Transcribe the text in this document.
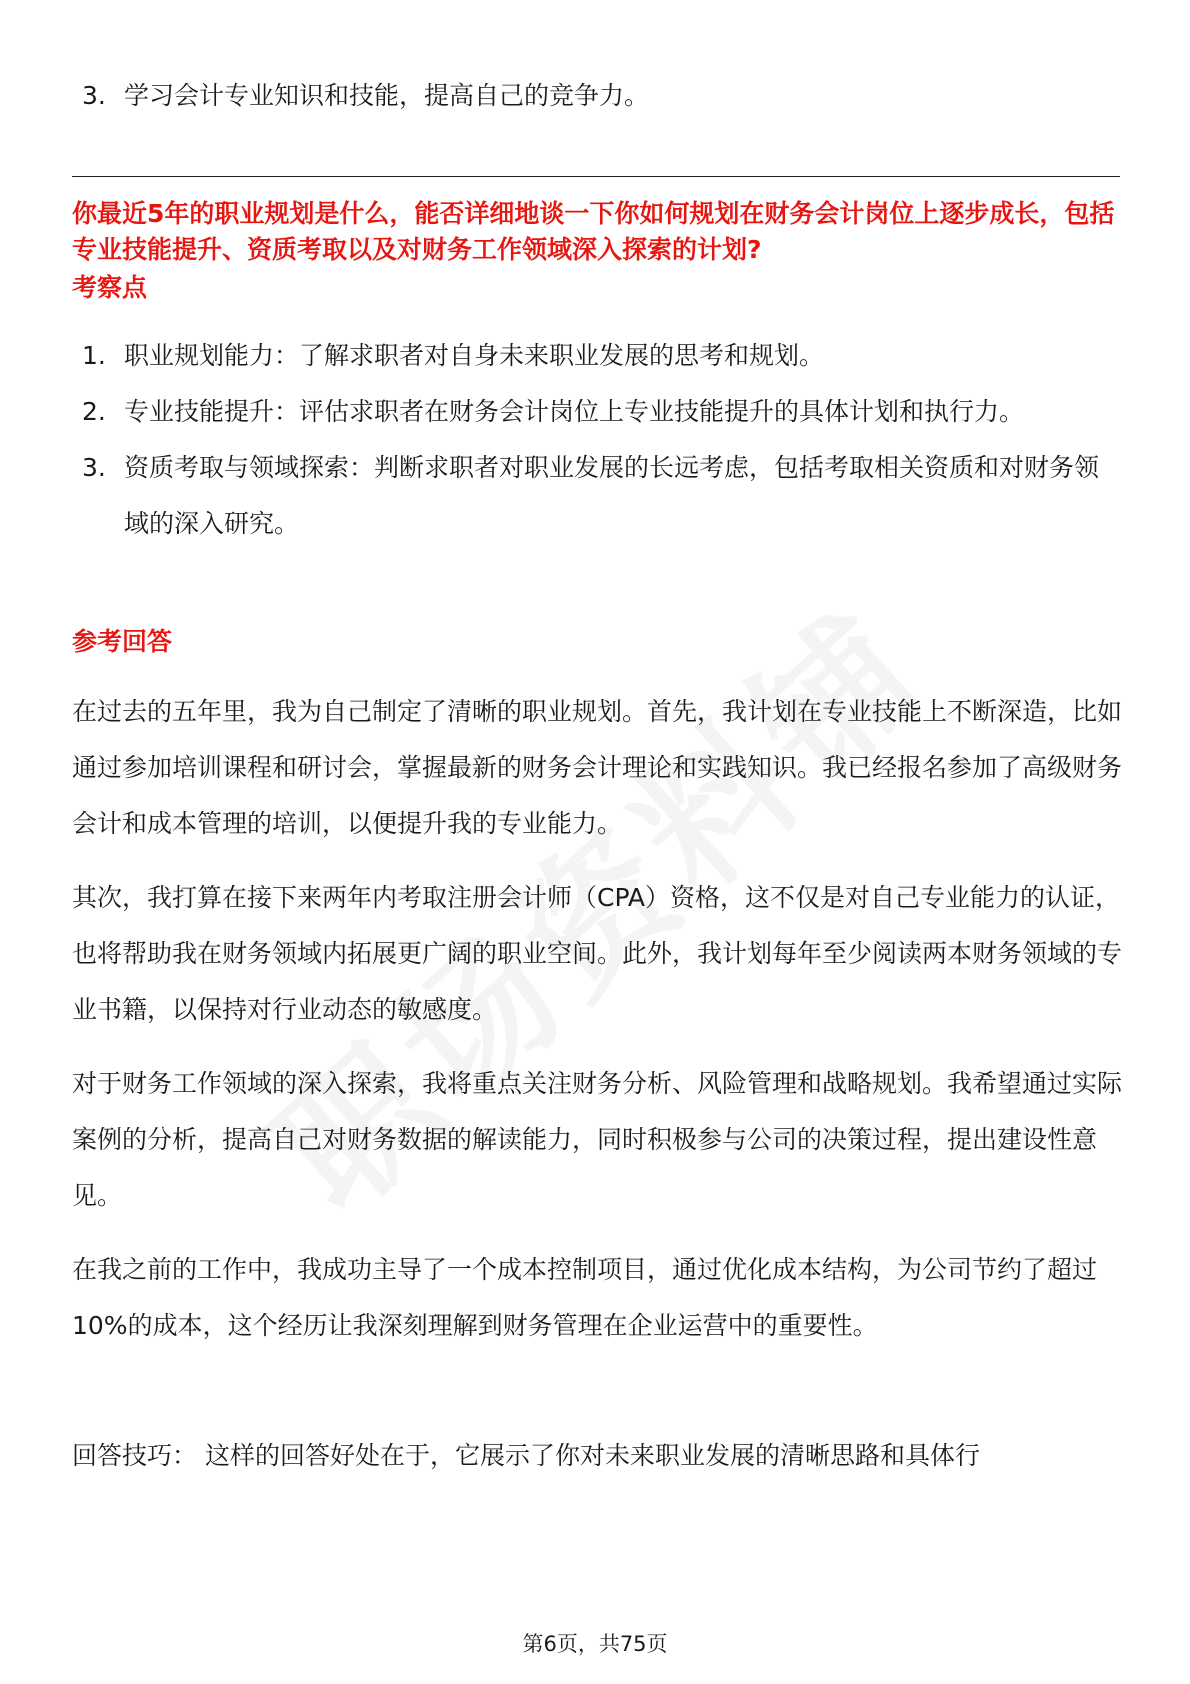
3. 学习会计专业知识和技能，提高自己的竞争力。
你最近5年的职业规划是什么，能否详细地谈一下你如何规划在财务会计岗位上逐步成长，包括专业技能提升、资质考取以及对财务工作领域深入探索的计划?
考察点
1. 职业规划能力：了解求职者对自身未来职业发展的思考和规划。
2. 专业技能提升：评估求职者在财务会计岗位上专业技能提升的具体计划和执行力。
3. 资质考取与领域探索：判断求职者对职业发展的长远考虑，包括考取相关资质和对财务领域的深入研究。
参考回答
在过去的五年里，我为自己制定了清晰的职业规划。首先，我计划在专业技能上不断深造，比如通过参加培训课程和研讨会，掌握最新的财务会计理论和实践知识。我已经报名参加了高级财务会计和成本管理的培训，以便提升我的专业能力。
其次，我打算在接下来两年内考取注册会计师（CPA）资格，这不仅是对自己专业能力的认证，也将帮助我在财务领域内拓展更广阔的职业空间。此外，我计划每年至少阅读两本财务领域的专业书籍，以保持对行业动态的敏感度。
对于财务工作领域的深入探索，我将重点关注财务分析、风险管理和战略规划。我希望通过实际案例的分析，提高自己对财务数据的解读能力，同时积极参与公司的决策过程，提出建设性意见。
在我之前的工作中，我成功主导了一个成本控制项目，通过优化成本结构，为公司节约了超过10%的成本，这个经历让我深刻理解到财务管理在企业运营中的重要性。
回答技巧： 这样的回答好处在于，它展示了你对未来职业发展的清晰思路和具体行
第6页，共75页
